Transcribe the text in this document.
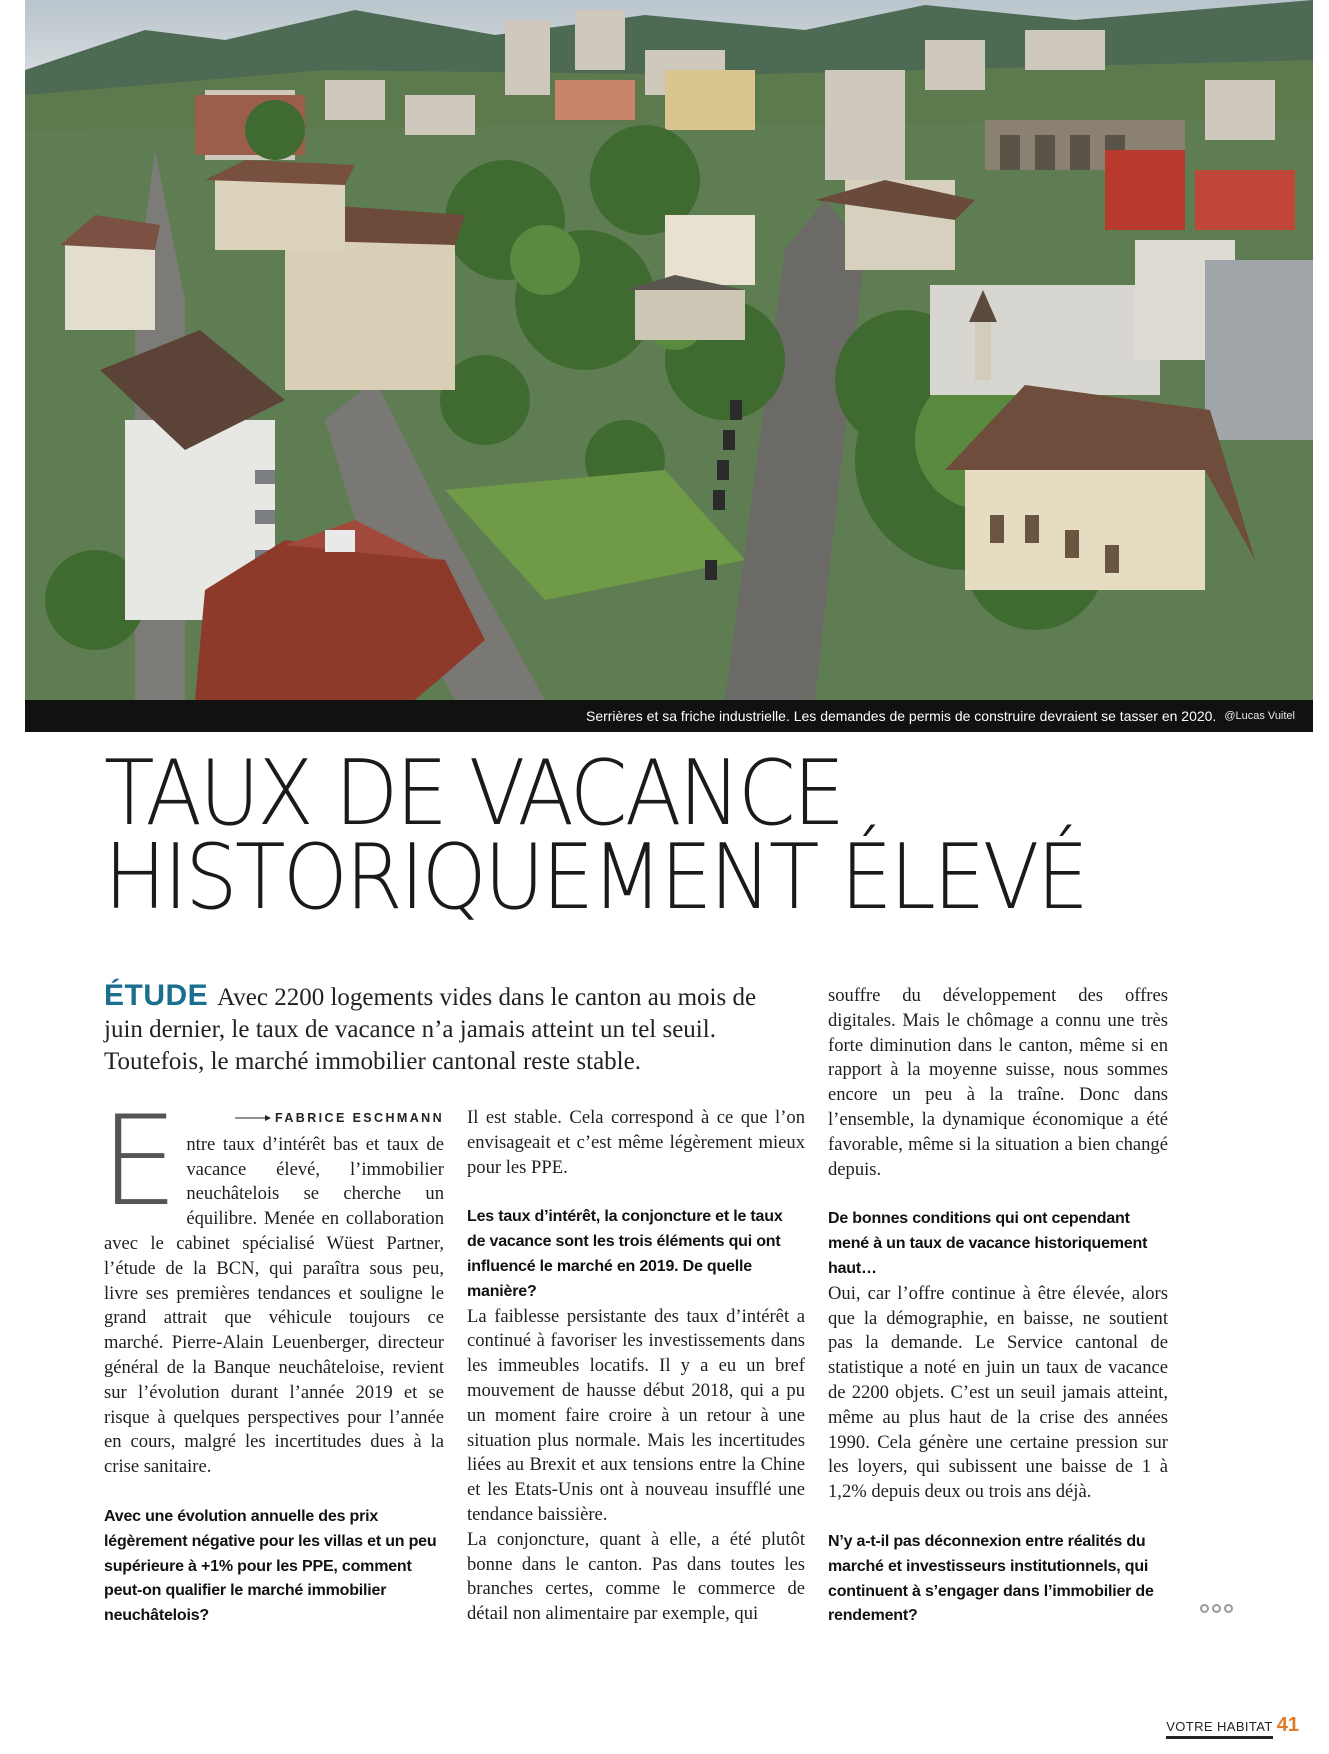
Serrières et sa friche industrielle. Les demandes de permis de construire devraient se tasser en 2020. @Lucas Vuitel
TAUX DE VACANCE
HISTORIQUEMENT ÉLEVÉ
ÉTUDE Avec 2200 logements vides dans le canton au mois de juin dernier, le taux de vacance n’a jamais atteint un tel seuil. Toutefois, le marché immobilier cantonal reste stable.
E	FABRICE ESCHMANN

ntre taux d’intérêt bas et taux de vacance élevé, l’immobilier neuchâtelois se cherche un équilibre. Menée en collaboration avec le cabinet spécialisé Wüest Partner, l’étude de la BCN, qui paraîtra sous peu, livre ses premières tendances et souligne le grand attrait que véhicule toujours ce marché. Pierre-Alain Leuenberger, directeur général de la Banque neuchâteloise, revient sur l’évolution durant l’année 2019 et se risque à quelques perspectives pour l’année en cours, malgré les incertitudes dues à la crise sanitaire.

Avec une évolution annuelle des prix légèrement négative pour les villas et un peu supérieure à +1% pour les PPE, comment peut-on qualifier le marché immobilier neuchâtelois?

Il est stable. Cela correspond à ce que l’on envisageait et c’est même légèrement mieux pour les PPE.

Les taux d’intérêt, la conjoncture et le taux de vacance sont les trois éléments qui ont influencé le marché en 2019. De quelle manière?

La faiblesse persistante des taux d’intérêt a continué à favoriser les investissements dans les immeubles locatifs. Il y a eu un bref mouvement de hausse début 2018, qui a pu un moment faire croire à un retour à une situation plus normale. Mais les incertitudes liées au Brexit et aux tensions entre la Chine et les Etats-Unis ont à nouveau insufflé une tendance baissière.

La conjoncture, quant à elle, a été plutôt bonne dans le canton. Pas dans toutes les branches certes, comme le commerce de détail non alimentaire par exemple, qui

souffre du développement des offres digitales. Mais le chômage a connu une très forte diminution dans le canton, même si en rapport à la moyenne suisse, nous sommes encore un peu à la traîne. Donc dans l’ensemble, la dynamique économique a été favorable, même si la situation a bien changé depuis.

De bonnes conditions qui ont cependant mené à un taux de vacance historiquement haut…

Oui, car l’offre continue à être élevée, alors que la démographie, en baisse, ne soutient pas la demande. Le Service cantonal de statistique a noté en juin un taux de vacance de 2200 objets. C’est un seuil jamais atteint, même au plus haut de la crise des années 1990. Cela génère une certaine pression sur les loyers, qui subissent une baisse de 1 à 1,2% depuis deux ou trois ans déjà.

N’y a-t-il pas déconnexion entre réalités du marché et investisseurs institutionnels, qui continuent à s’engager dans l’immobilier de rendement?

VOTRE HABITAT 41
